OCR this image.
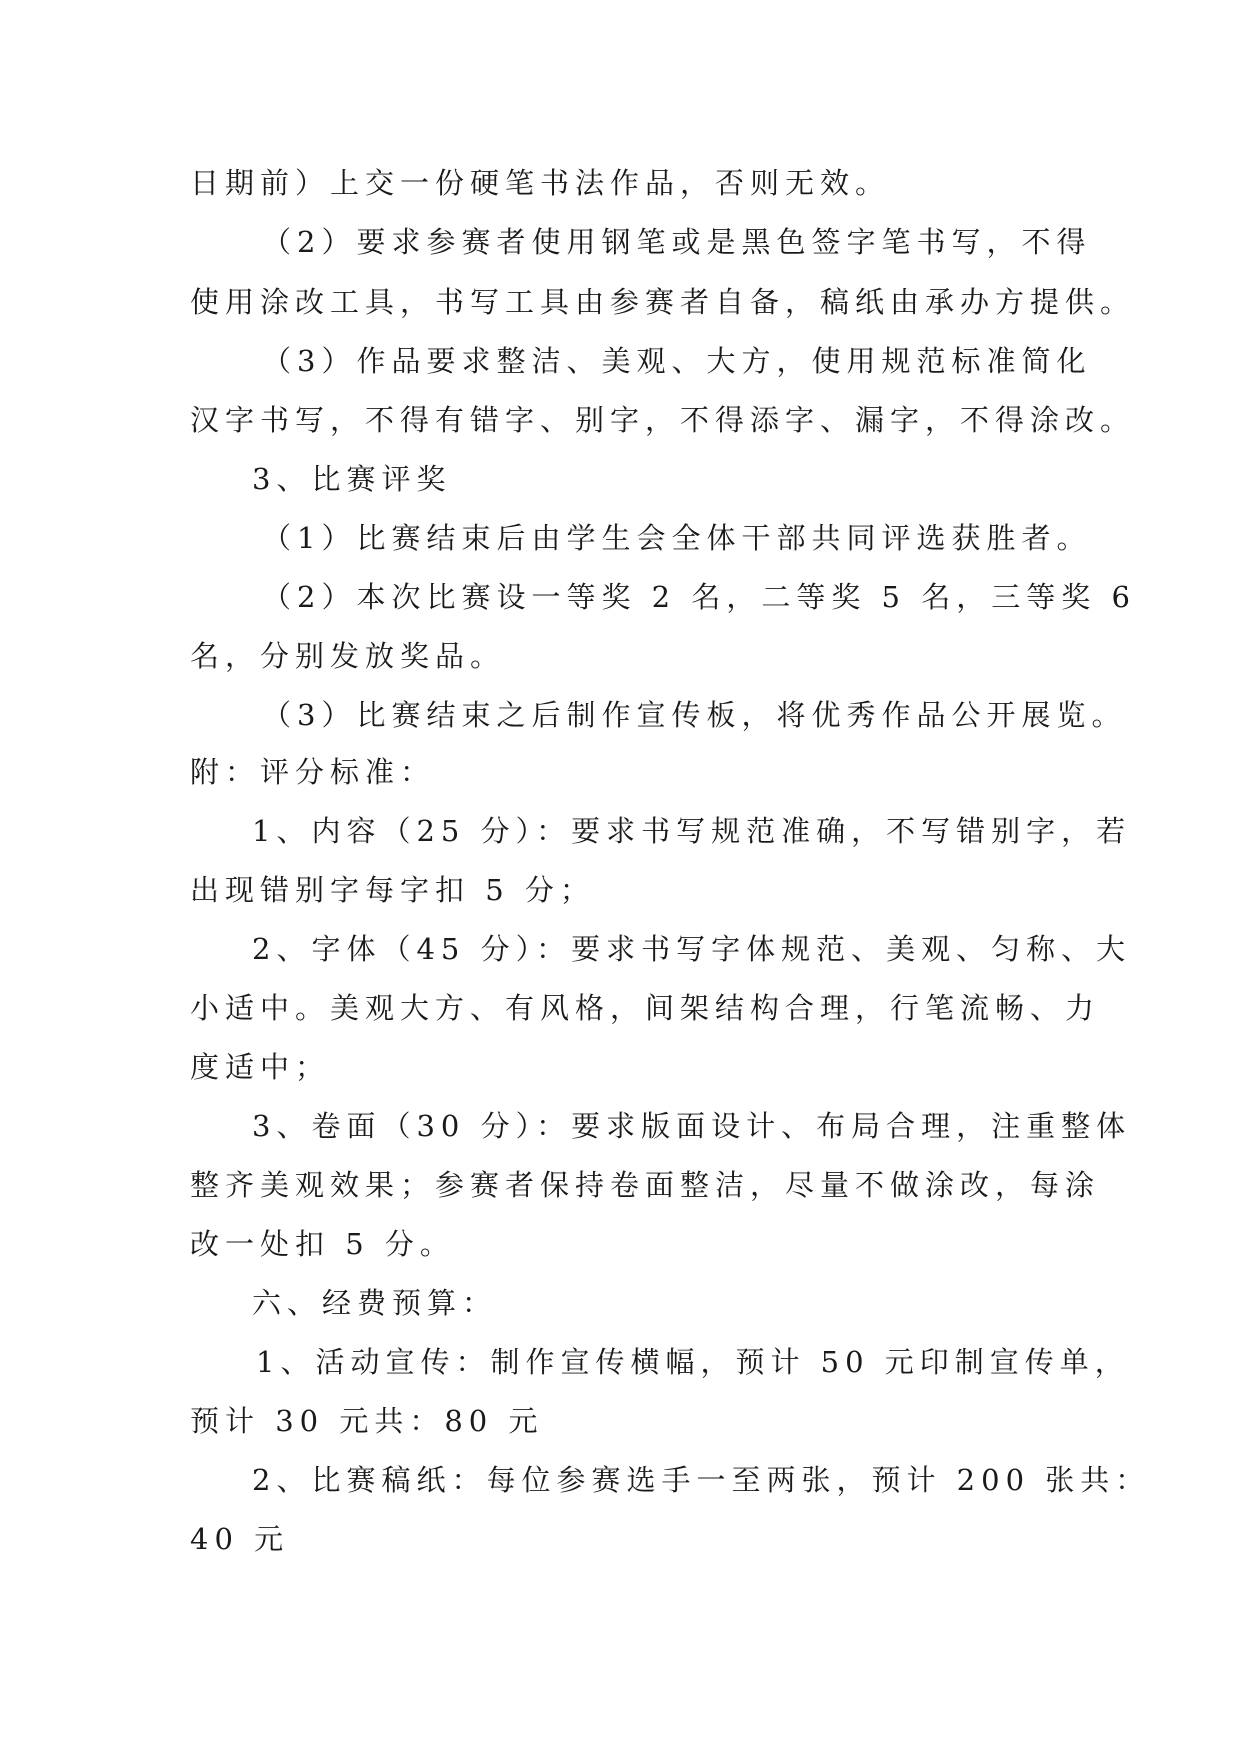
日期前）上交一份硬笔书法作品，否则无效。
（2）要求参赛者使用钢笔或是黑色签字笔书写，不得
使用涂改工具，书写工具由参赛者自备，稿纸由承办方提供。
（3）作品要求整洁、美观、大方，使用规范标准简化
汉字书写，不得有错字、别字，不得添字、漏字，不得涂改。
3、比赛评奖
（1）比赛结束后由学生会全体干部共同评选获胜者。
（2）本次比赛设一等奖 2 名，二等奖 5 名，三等奖 6
名，分别发放奖品。
（3）比赛结束之后制作宣传板，将优秀作品公开展览。
附：评分标准：
1、内容（25 分）：要求书写规范准确，不写错别字，若
出现错别字每字扣 5 分；
2、字体（45 分）：要求书写字体规范、美观、匀称、大
小适中。美观大方、有风格，间架结构合理，行笔流畅、力
度适中；
3、卷面（30 分）：要求版面设计、布局合理，注重整体
整齐美观效果；参赛者保持卷面整洁，尽量不做涂改，每涂
改一处扣 5 分。
六、经费预算：
1、活动宣传：制作宣传横幅，预计 50 元印制宣传单，
预计 30 元共：80 元
2、比赛稿纸：每位参赛选手一至两张，预计 200 张共：
40 元
